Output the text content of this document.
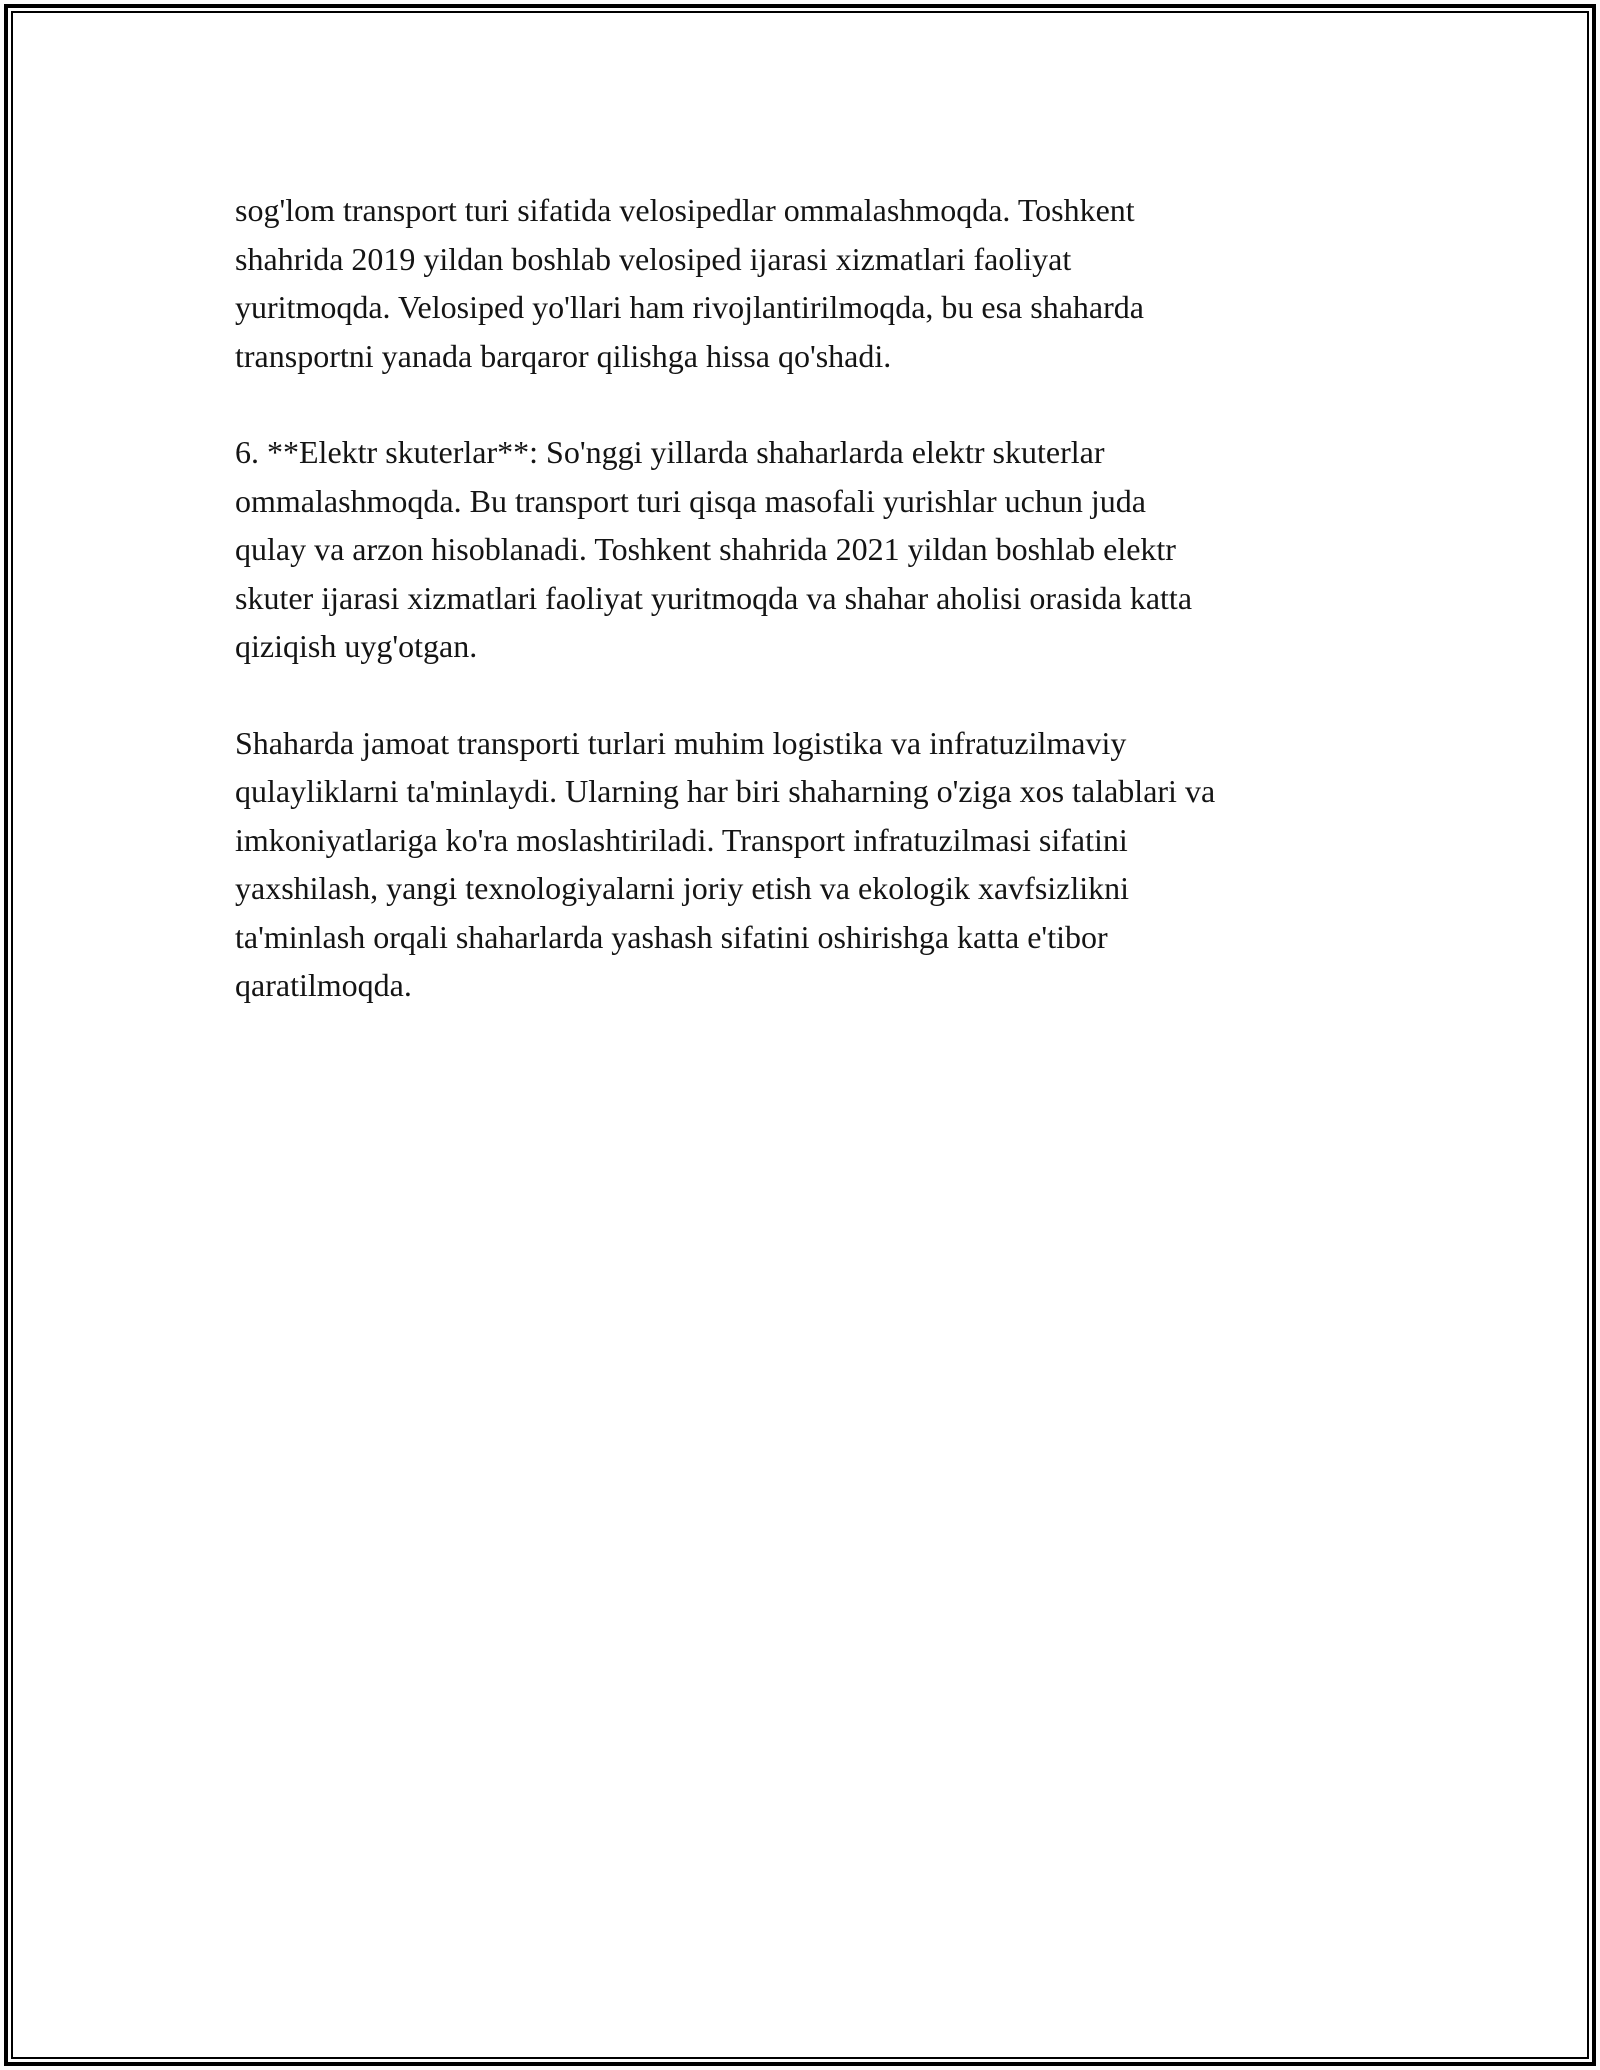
sog'lom transport turi sifatida velosipedlar ommalashmoqda. Toshkent
shahrida 2019 yildan boshlab velosiped ijarasi xizmatlari faoliyat
yuritmoqda. Velosiped yo'llari ham rivojlantirilmoqda, bu esa shaharda
transportni yanada barqaror qilishga hissa qo'shadi.

6. **Elektr skuterlar**: So'nggi yillarda shaharlarda elektr skuterlar
ommalashmoqda. Bu transport turi qisqa masofali yurishlar uchun juda
qulay va arzon hisoblanadi. Toshkent shahrida 2021 yildan boshlab elektr
skuter ijarasi xizmatlari faoliyat yuritmoqda va shahar aholisi orasida katta
qiziqish uyg'otgan.

Shaharda jamoat transporti turlari muhim logistika va infratuzilmaviy
qulayliklarni ta'minlaydi. Ularning har biri shaharning o'ziga xos talablari va
imkoniyatlariga ko'ra moslashtiriladi. Transport infratuzilmasi sifatini
yaxshilash, yangi texnologiyalarni joriy etish va ekologik xavfsizlikni
ta'minlash orqali shaharlarda yashash sifatini oshirishga katta e'tibor
qaratilmoqda.
